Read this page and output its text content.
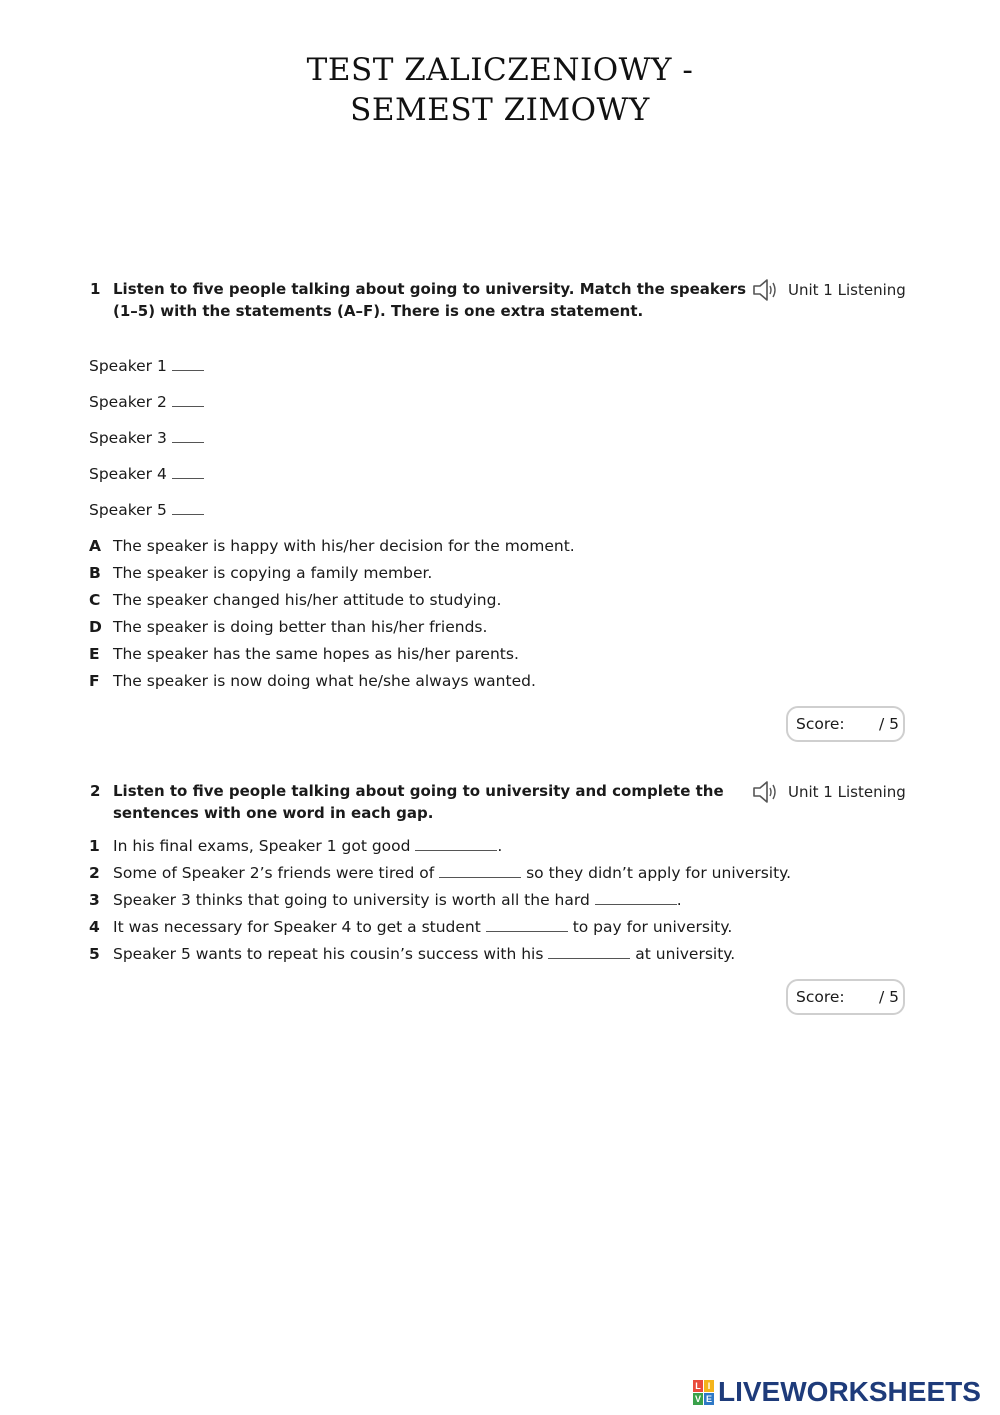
TEST ZALICZENIOWY -
SEMEST ZIMOWY
1 Listen to five people talking about going to university. Match the speakers (1–5) with the statements (A–F). There is one extra statement.
Unit 1 Listening
Speaker 1
Speaker 2
Speaker 3
Speaker 4
Speaker 5
A The speaker is happy with his/her decision for the moment.
B The speaker is copying a family member.
C The speaker changed his/her attitude to studying.
D The speaker is doing better than his/her friends.
E The speaker has the same hopes as his/her parents.
F The speaker is now doing what he/she always wanted.
Score: / 5
2 Listen to five people talking about going to university and complete the sentences with one word in each gap.
Unit 1 Listening
1 In his final exams, Speaker 1 got good	.
2 Some of Speaker 2’s friends were tired of	so they didn’t apply for university.
3 Speaker 3 thinks that going to university is worth all the hard	.
4 It was necessary for Speaker 4 to get a student	to pay for university.
5 Speaker 5 wants to repeat his cousin’s success with his	at university.
Score: / 5
L I
V E LIVEWORKSHEETS
